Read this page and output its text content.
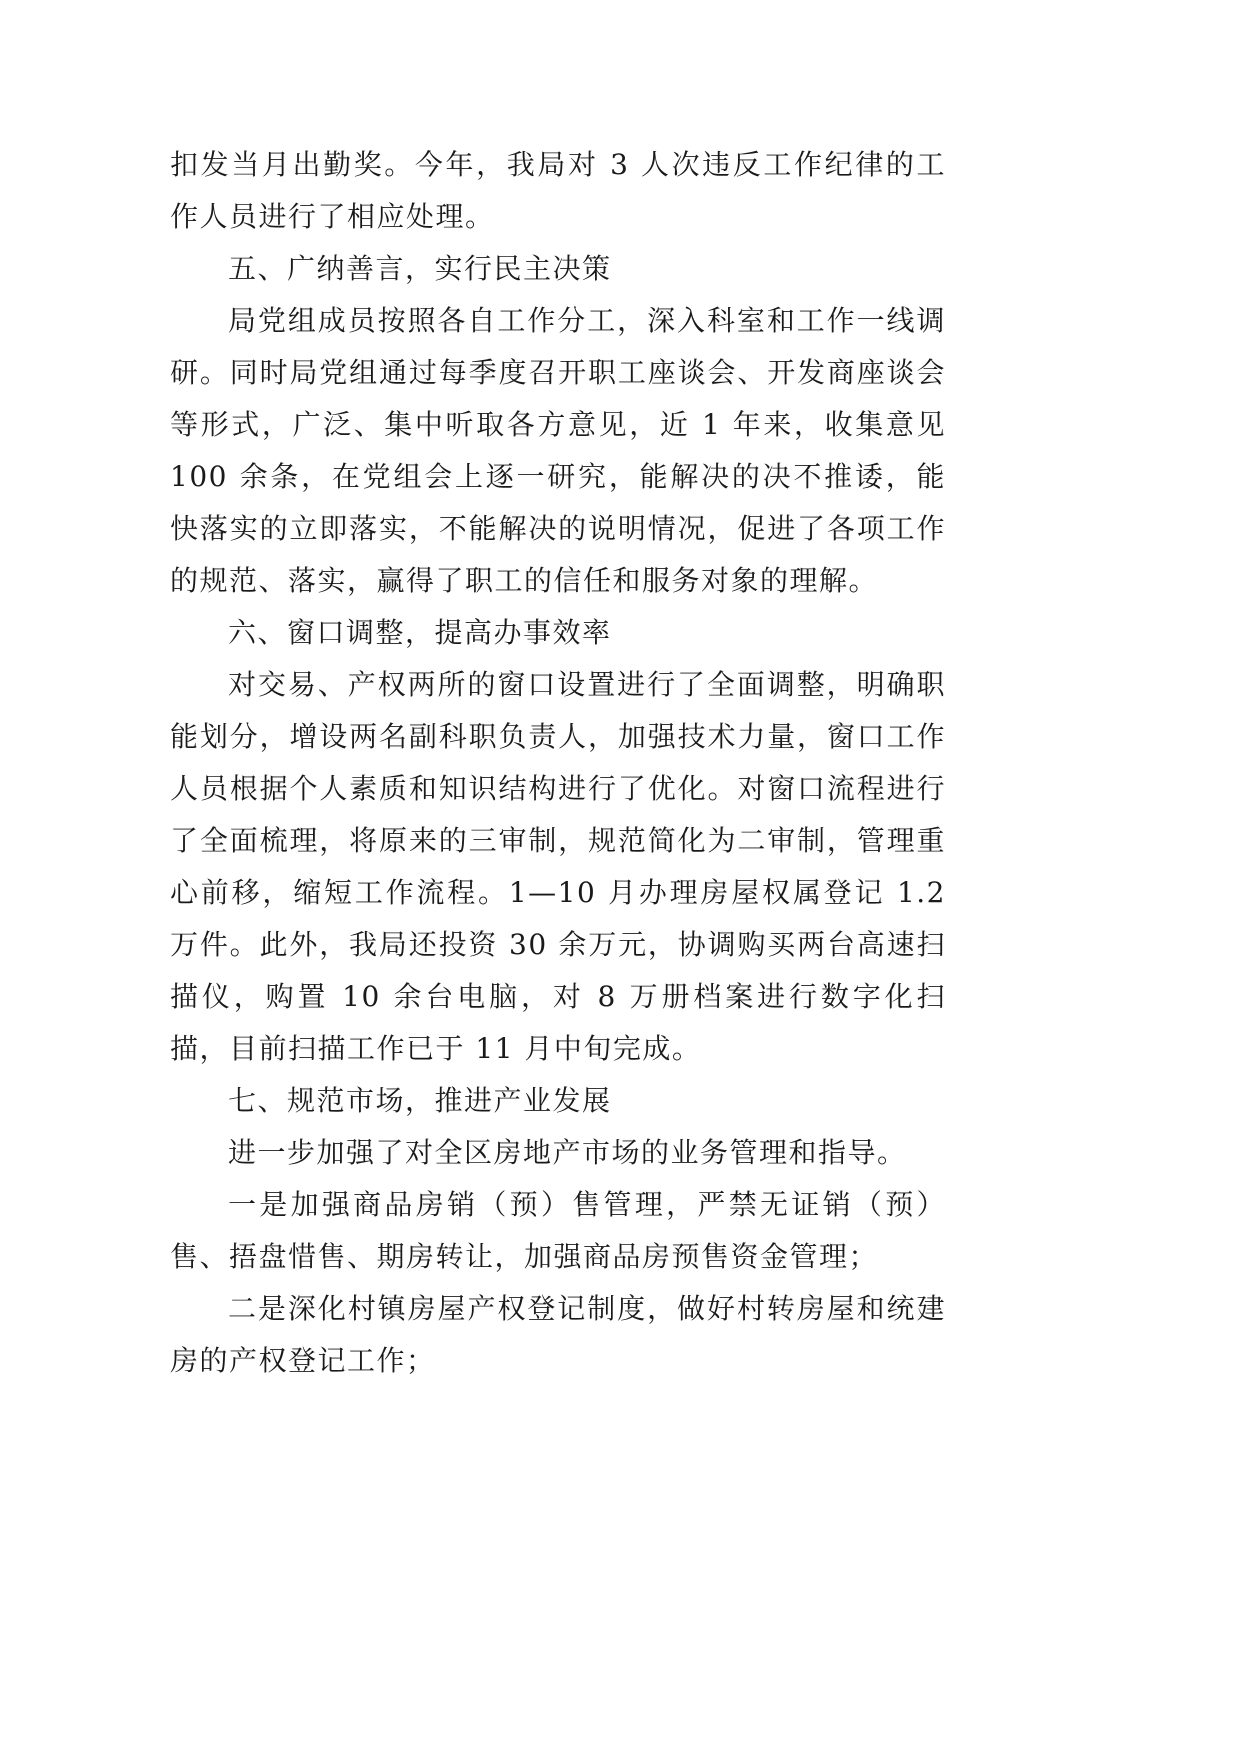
扣发当月出勤奖。今年，我局对 3 人次违反工作纪律的工作人员进行了相应处理。

五、广纳善言，实行民主决策

局党组成员按照各自工作分工，深入科室和工作一线调研。同时局党组通过每季度召开职工座谈会、开发商座谈会等形式，广泛、集中听取各方意见，近 1 年来，收集意见 100 余条，在党组会上逐一研究，能解决的决不推诿，能快落实的立即落实，不能解决的说明情况，促进了各项工作的规范、落实，赢得了职工的信任和服务对象的理解。

六、窗口调整，提高办事效率

对交易、产权两所的窗口设置进行了全面调整，明确职能划分，增设两名副科职负责人，加强技术力量，窗口工作人员根据个人素质和知识结构进行了优化。对窗口流程进行了全面梳理，将原来的三审制，规范简化为二审制，管理重心前移，缩短工作流程。1—10 月办理房屋权属登记 1.2 万件。此外，我局还投资 30 余万元，协调购买两台高速扫描仪，购置 10 余台电脑，对 8 万册档案进行数字化扫描，目前扫描工作已于 11 月中旬完成。

七、规范市场，推进产业发展

进一步加强了对全区房地产市场的业务管理和指导。

一是加强商品房销（预）售管理，严禁无证销（预）售、捂盘惜售、期房转让，加强商品房预售资金管理；

二是深化村镇房屋产权登记制度，做好村转房屋和统建房的产权登记工作；
